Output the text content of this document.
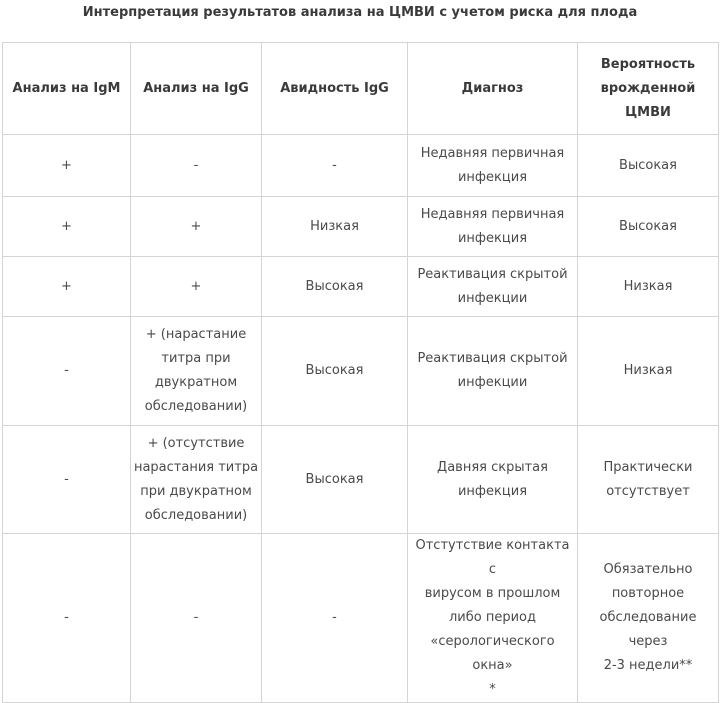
Интерпретация результатов анализа на ЦМВИ с учетом риска для плода
Анализ на IgM	Анализ на IgG	Авидность IgG	Диагноз	Вероятность
врожденной
ЦМВИ

+	-	-	Недавняя первичная
инфекция	Высокая

+	+	Низкая	Недавняя первичная
инфекция	Высокая

+	+	Высокая	Реактивация скрытой
инфекции	Низкая

-	+ (нарастание
титра при
двукратном
обследовании)	Высокая	Реактивация скрытой
инфекции	Низкая

-	+ (отсутствие
нарастания титра
при двукратном
обследовании)	Высокая	Давняя скрытая
инфекция	Практически
отсутствует

-	-	-	Отстутствие контакта с
вирусом в прошлом
либо период
«серологического окна»
*	Обязательно
повторное
обследование через
2-3 недели**
